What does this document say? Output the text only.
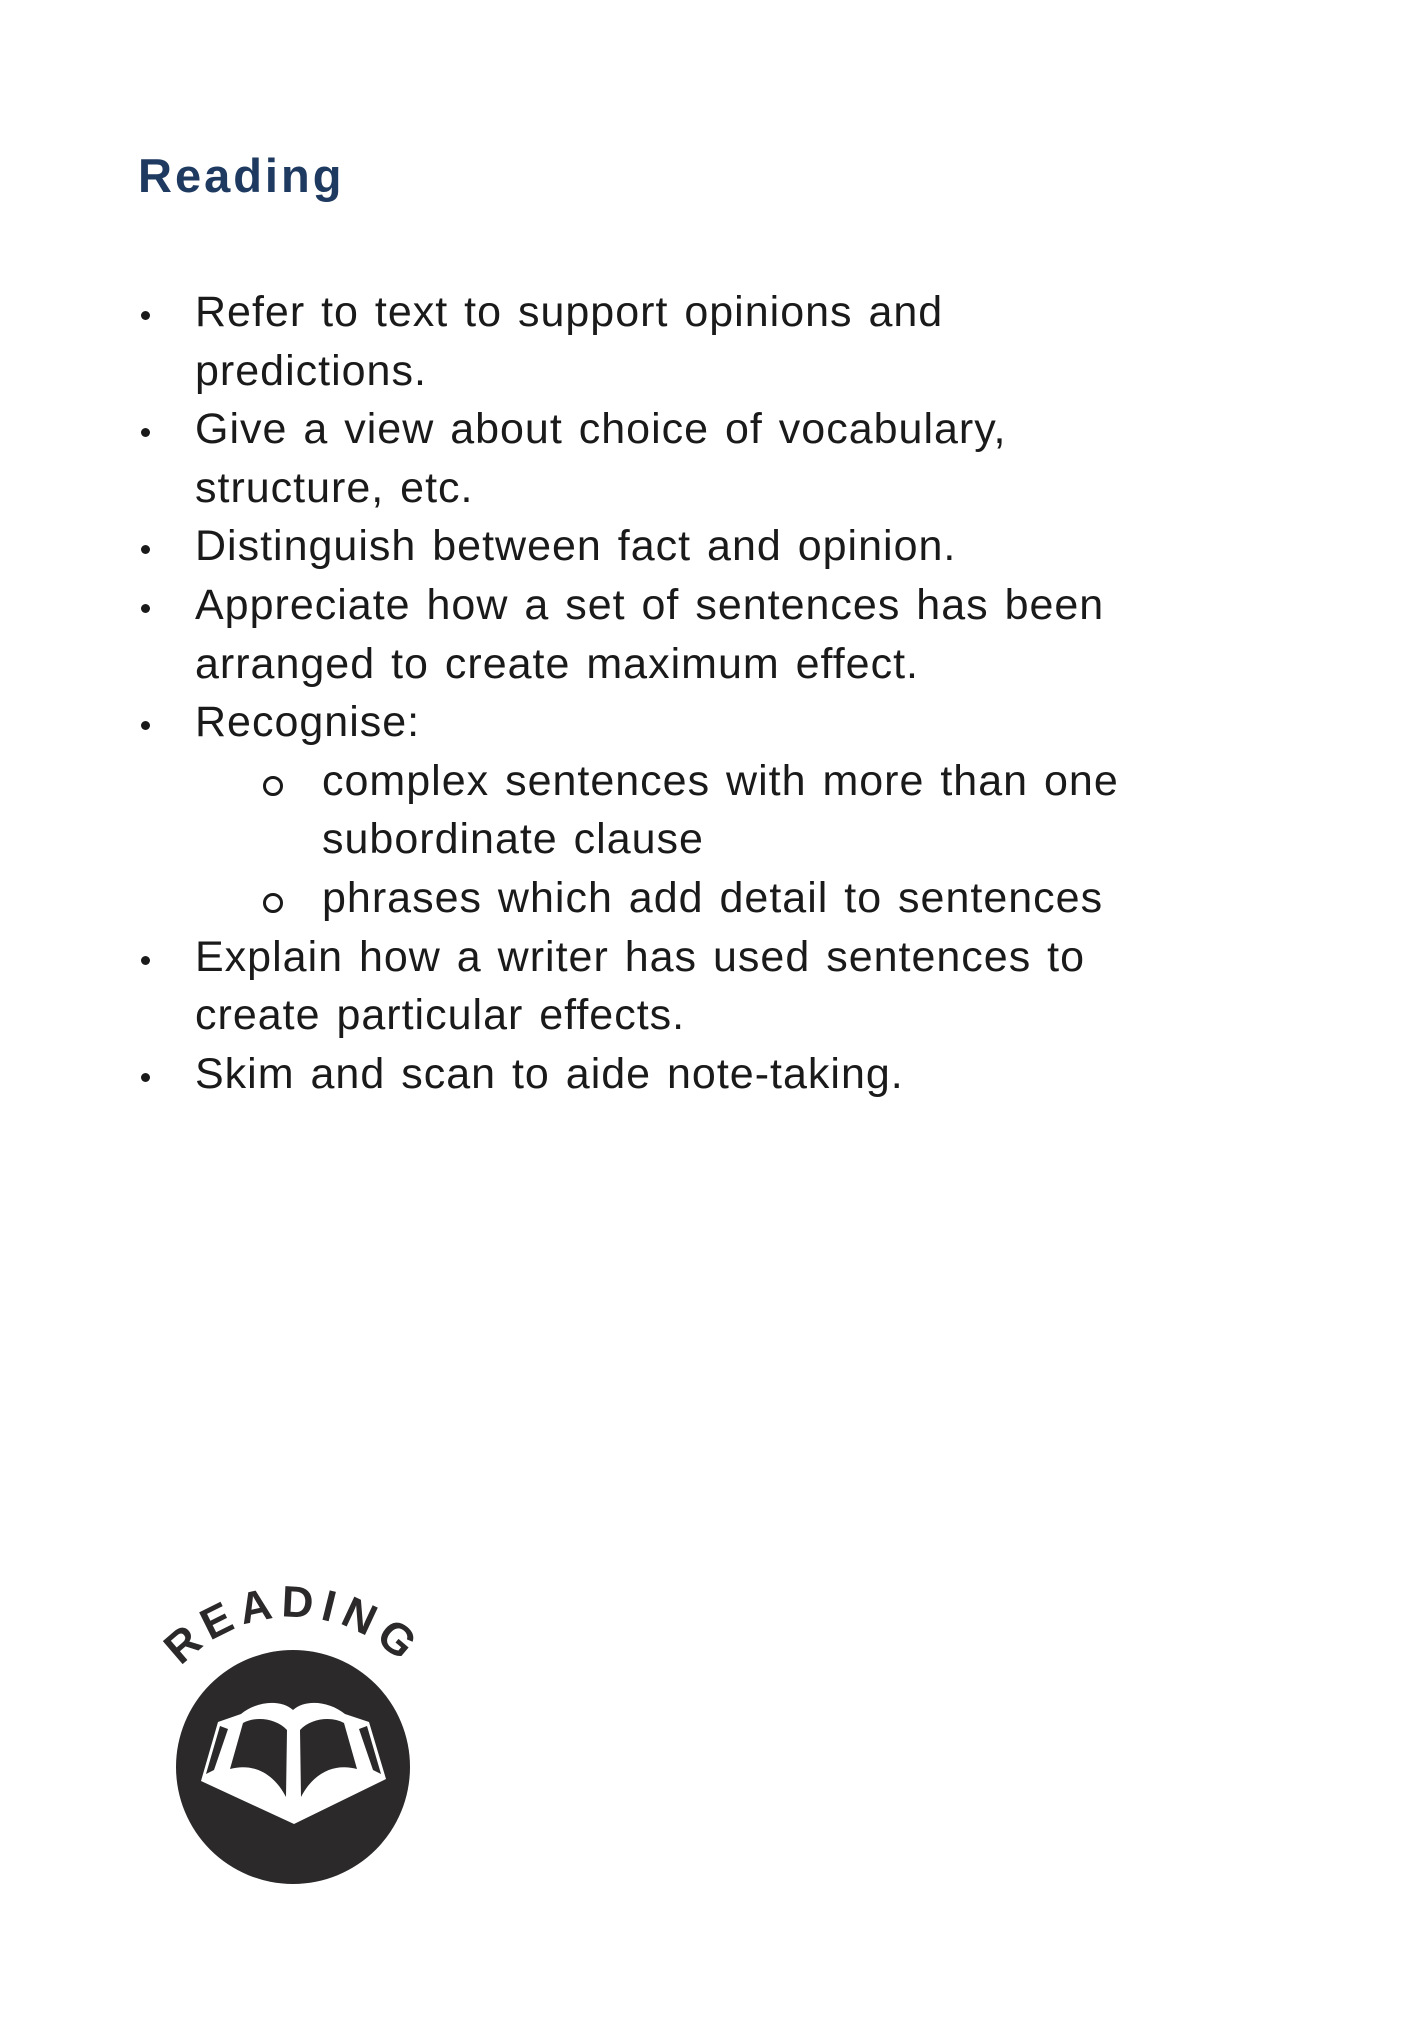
Reading
Refer to text to support opinions and
predictions.
Give a view about choice of vocabulary,
structure, etc.
Distinguish between fact and opinion.
Appreciate how a set of sentences has been
arranged to create maximum effect.
Recognise:
complex sentences with more than one
subordinate clause
phrases which add detail to sentences
Explain how a writer has used sentences to
create particular effects.
Skim and scan to aide note-taking.
READING
